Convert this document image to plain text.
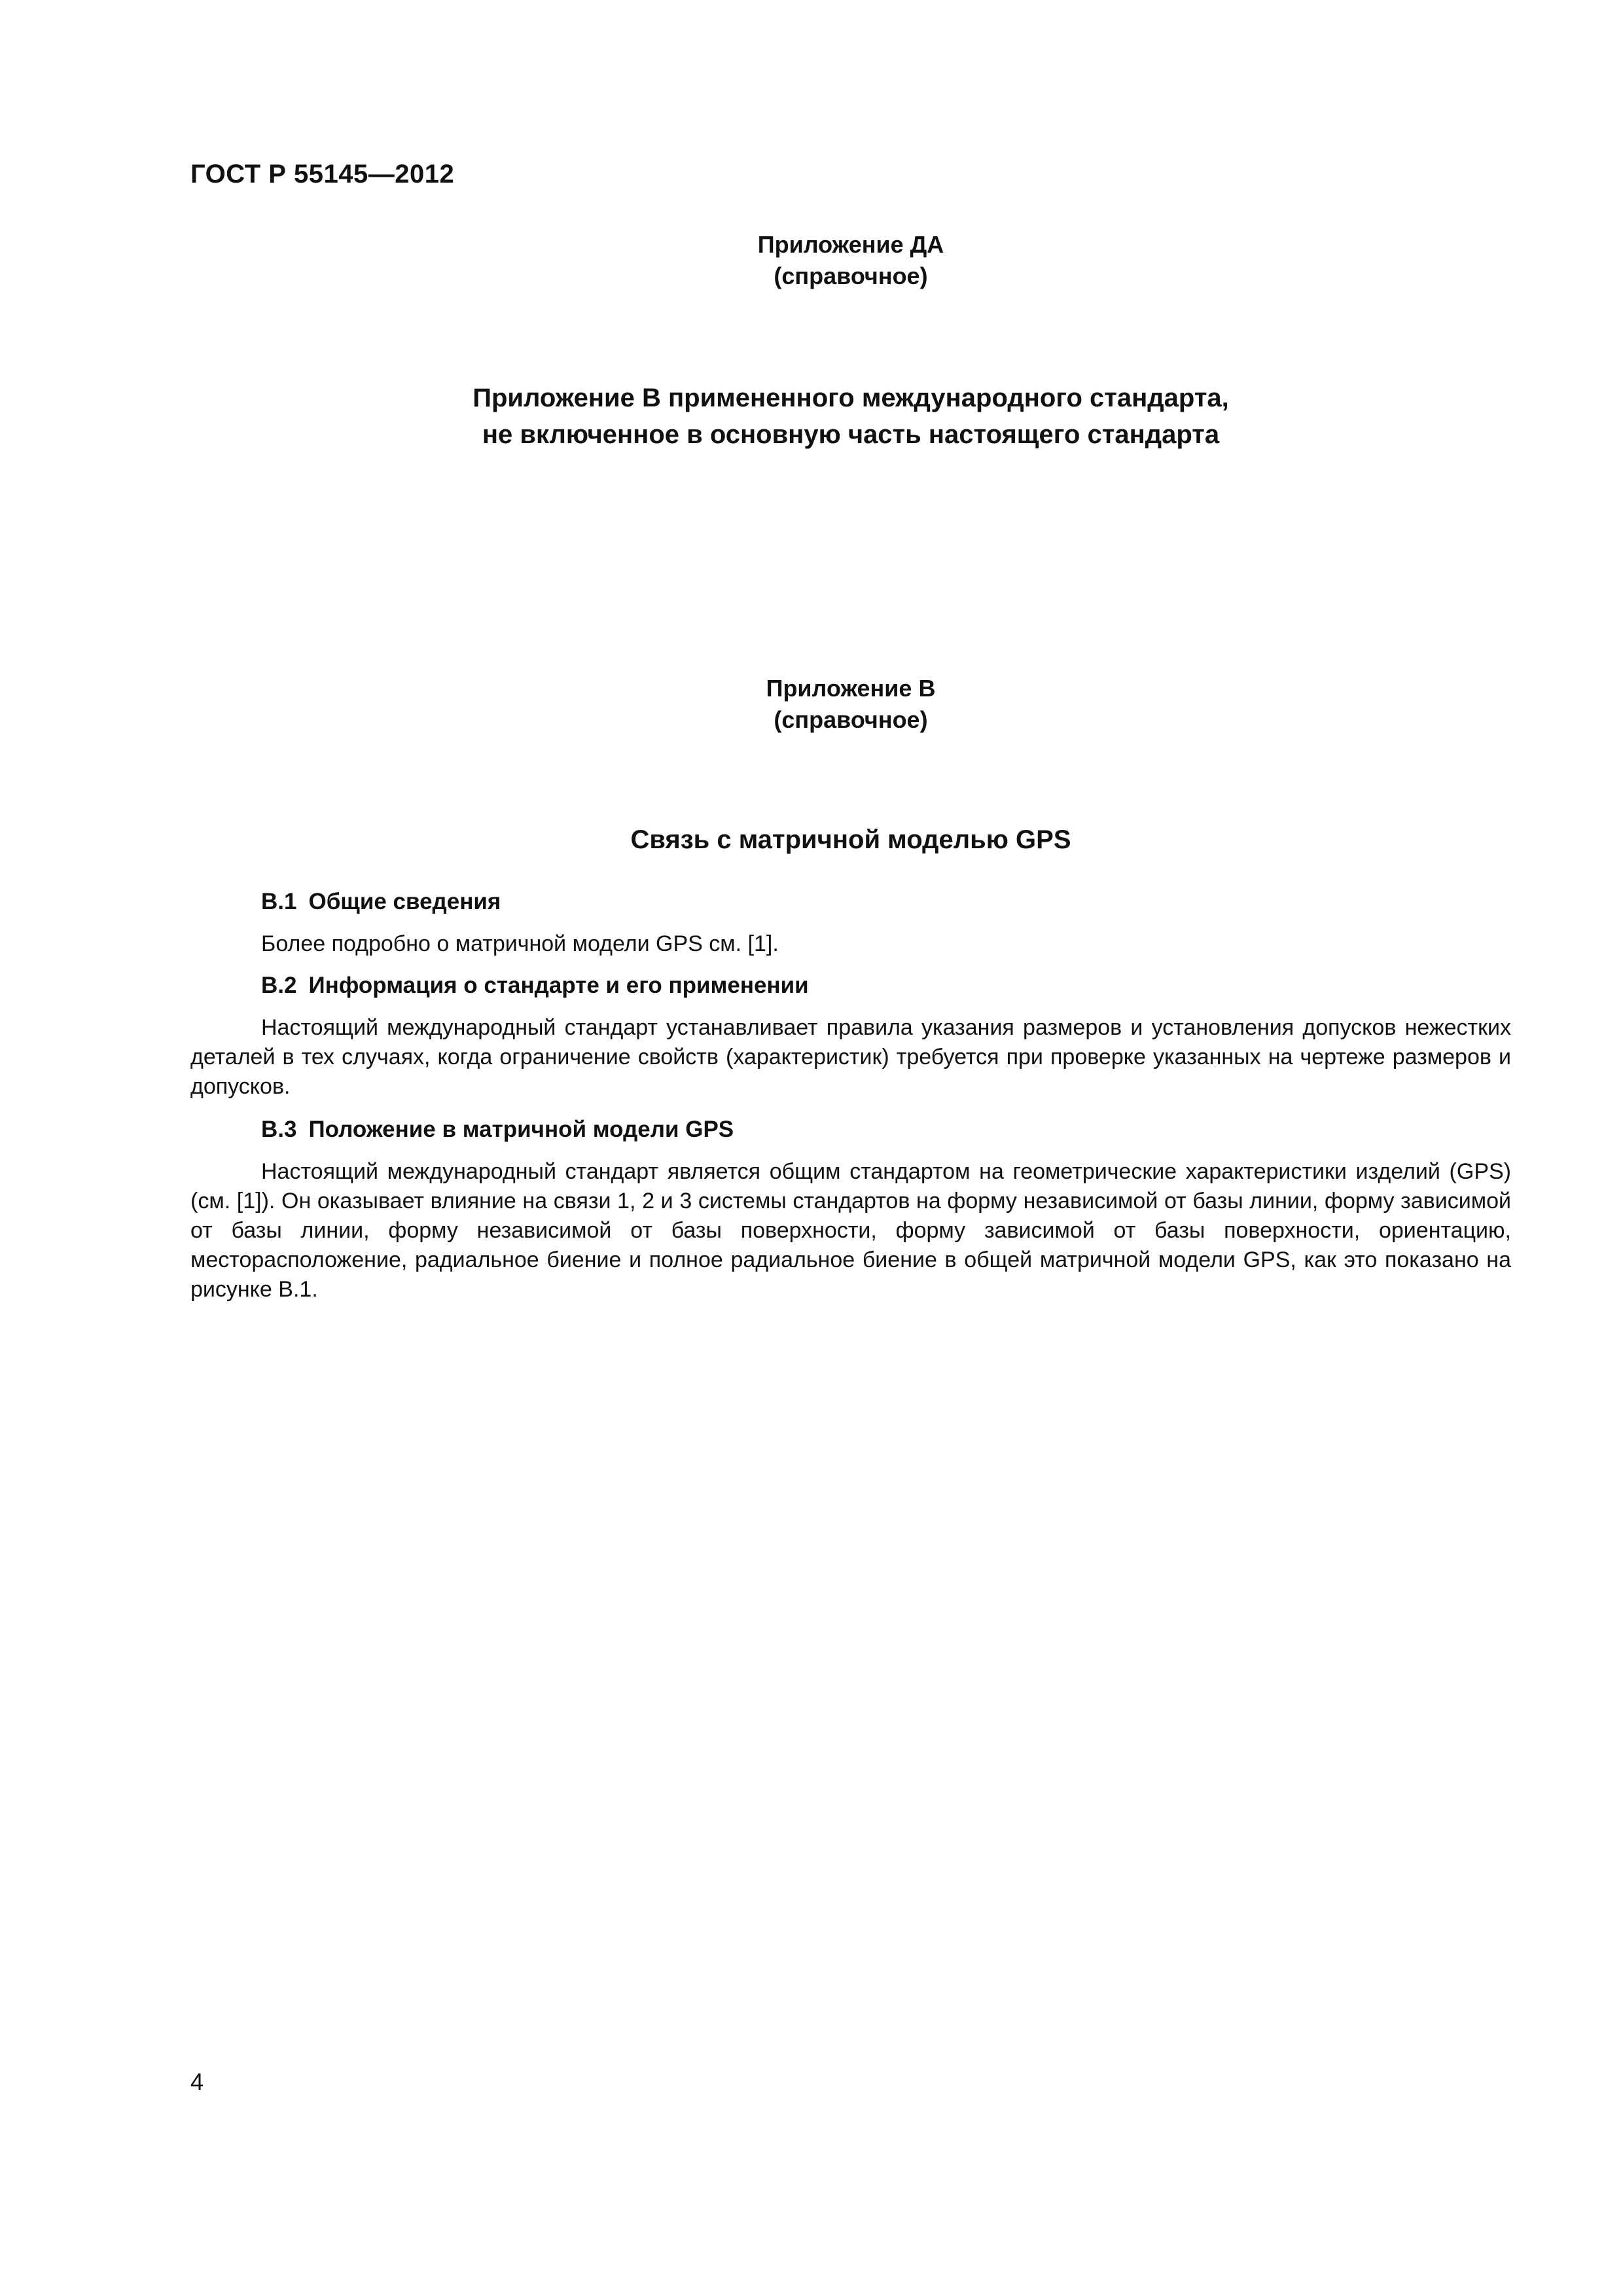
ГОСТ Р 55145—2012
Приложение ДА
(справочное)
Приложение В примененного международного стандарта,
не включенное в основную часть настоящего стандарта
Приложение В
(справочное)
Связь с матричной моделью GPS
В.1 Общие сведения

Более подробно о матричной модели GPS см. [1].

В.2 Информация о стандарте и его применении

Настоящий международный стандарт устанавливает правила указания размеров и установления допусков нежестких деталей в тех случаях, когда ограничение свойств (характеристик) требуется при проверке указанных на чертеже размеров и допусков.

В.3 Положение в матричной модели GPS

Настоящий международный стандарт является общим стандартом на геометрические характеристики изделий (GPS) (см. [1]). Он оказывает влияние на связи 1, 2 и 3 системы стандартов на форму независимой от базы линии, форму зависимой от базы линии, форму независимой от базы поверхности, форму зависимой от базы поверхности, ориентацию, месторасположение, радиальное биение и полное радиальное биение в общей матричной модели GPS, как это показано на рисунке В.1.

4
